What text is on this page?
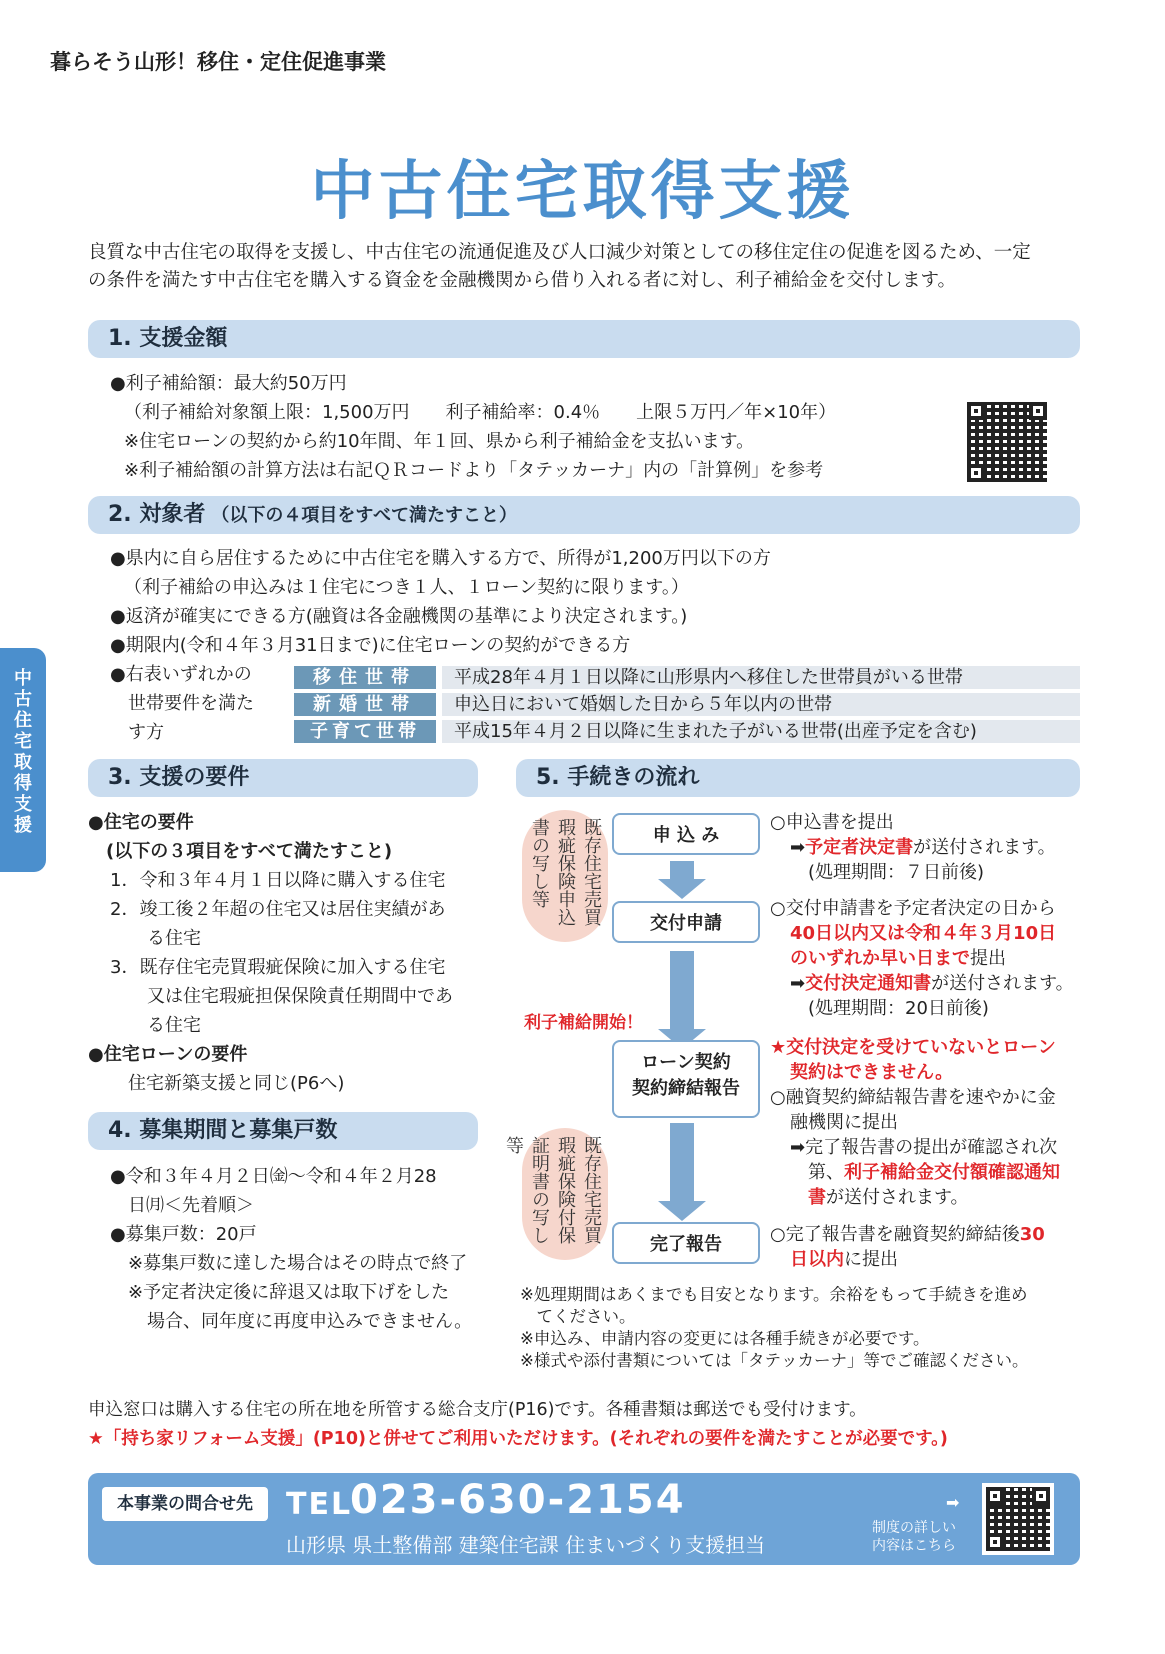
暮らそう山形！移住・定住促進事業
中古住宅取得支援
良質な中古住宅の取得を支援し、中古住宅の流通促進及び人口減少対策としての移住定住の促進を図るため、一定
の条件を満たす中古住宅を購入する資金を金融機関から借り入れる者に対し、利子補給金を交付します。
中古住宅取得支援
1. 支援金額
●利子補給額：最大約50万円
（利子補給対象額上限：1,500万円　　利子補給率：0.4％　　上限５万円／年×10年）
※住宅ローンの契約から約10年間、年１回、県から利子補給金を支払います。
※利子補給額の計算方法は右記ＱＲコードより「タテッカーナ」内の「計算例」を参考
2. 対象者 （以下の４項目をすべて満たすこと）
●県内に自ら居住するために中古住宅を購入する方で、所得が1,200万円以下の方
（利子補給の申込みは１住宅につき１人、１ローン契約に限ります。）
●返済が確実にできる方(融資は各金融機関の基準により決定されます。)
●期限内(令和４年３月31日まで)に住宅ローンの契約ができる方
●右表いずれかの
世帯要件を満た
す方
移住世帯	平成28年４月１日以降に山形県内へ移住した世帯員がいる世帯
新婚世帯	申込日において婚姻した日から５年以内の世帯
子育て世帯	平成15年４月２日以降に生まれた子がいる世帯(出産予定を含む)
3. 支援の要件
●住宅の要件
(以下の３項目をすべて満たすこと)
1．令和３年４月１日以降に購入する住宅
2．竣工後２年超の住宅又は居住実績があ
る住宅
3．既存住宅売買瑕疵保険に加入する住宅
又は住宅瑕疵担保保険責任期間中であ
る住宅
●住宅ローンの要件
住宅新築支援と同じ(P6へ)
4. 募集期間と募集戸数
●令和３年４月２日㈮～令和４年２月28
日㈪＜先着順＞
●募集戸数：20戸
※募集戸数に達した場合はその時点で終了
※予定者決定後に辞退又は取下げをした
場合、同年度に再度申込みできません。
5. 手続きの流れ
申 込 み
交付申請
ローン契約
契約締結報告
完了報告
既存住宅売買瑕疵保険申込書の写し等
既存住宅売買瑕疵保険付保証明書の写し等
利子補給開始！
○申込書を提出
➡予定者決定書が送付されます。
(処理期間：７日前後)
○交付申請書を予定者決定の日から
40日以内又は令和４年３月10日
のいずれか早い日まで提出
➡交付決定通知書が送付されます。
(処理期間：20日前後)
★交付決定を受けていないとローン
契約はできません。
○融資契約締結報告書を速やかに金
融機関に提出
➡完了報告書の提出が確認され次
第、利子補給金交付額確認通知
書が送付されます。
○完了報告書を融資契約締結後30
日以内に提出
※処理期間はあくまでも目安となります。余裕をもって手続きを進め
　てください。
※申込み、申請内容の変更には各種手続きが必要です。
※様式や添付書類については「タテッカーナ」等でご確認ください。
申込窓口は購入する住宅の所在地を所管する総合支庁(P16)です。各種書類は郵送でも受付けます。
★「持ち家リフォーム支援」(P10)と併せてご利用いただけます。(それぞれの要件を満たすことが必要です。)
本事業の問合せ先	TEL
023-630-2154
山形県 県土整備部 建築住宅課 住まいづくり支援担当
➡
制度の詳しい
内容はこちら
